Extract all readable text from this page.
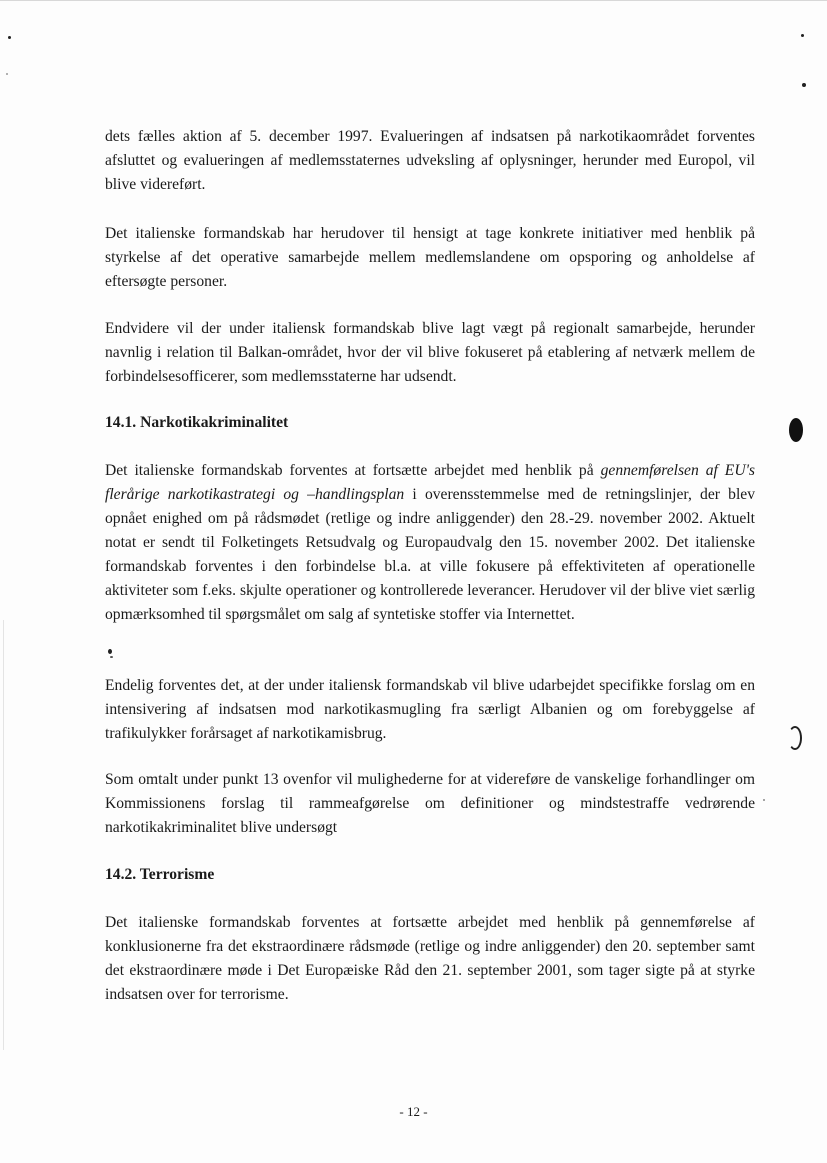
dets fælles aktion af 5. december 1997. Evalueringen af indsatsen på narkotikaområdet forventes afsluttet og evalueringen af medlemsstaternes udveksling af oplysninger, herunder med Europol, vil blive videreført.

Det italienske formandskab har herudover til hensigt at tage konkrete initiativer med henblik på styrkelse af det operative samarbejde mellem medlemslandene om opsporing og anholdelse af eftersøgte personer.

Endvidere vil der under italiensk formandskab blive lagt vægt på regionalt samarbejde, herunder navnlig i relation til Balkan-området, hvor der vil blive fokuseret på etablering af netværk mellem de forbindelsesofficerer, som medlemsstaterne har udsendt.

14.1. Narkotikakriminalitet

Det italienske formandskab forventes at fortsætte arbejdet med henblik på gennemførelsen af EU's flerårige narkotikastrategi og –handlingsplan i overensstemmelse med de retningslinjer, der blev opnået enighed om på rådsmødet (retlige og indre anliggender) den 28.-29. november 2002. Aktuelt notat er sendt til Folketingets Retsudvalg og Europaudvalg den 15. november 2002. Det italienske formandskab forventes i den forbindelse bl.a. at ville fokusere på effektiviteten af operationelle aktiviteter som f.eks. skjulte operationer og kontrollerede leverancer. Herudover vil der blive viet særlig opmærksomhed til spørgsmålet om salg af syntetiske stoffer via Internettet.

Endelig forventes det, at der under italiensk formandskab vil blive udarbejdet specifikke forslag om en intensivering af indsatsen mod narkotikasmugling fra særligt Albanien og om forebyggelse af trafikulykker forårsaget af narkotikamisbrug.

Som omtalt under punkt 13 ovenfor vil mulighederne for at videreføre de vanskelige forhandlinger om Kommissionens forslag til rammeafgørelse om definitioner og mindstestraffe vedrørende narkotikakriminalitet blive undersøgt

14.2. Terrorisme

Det italienske formandskab forventes at fortsætte arbejdet med henblik på gennemførelse af konklusionerne fra det ekstraordinære rådsmøde (retlige og indre anliggender) den 20. september samt det ekstraordinære møde i Det Europæiske Råd den 21. september 2001, som tager sigte på at styrke indsatsen over for terrorisme.

- 12 -
